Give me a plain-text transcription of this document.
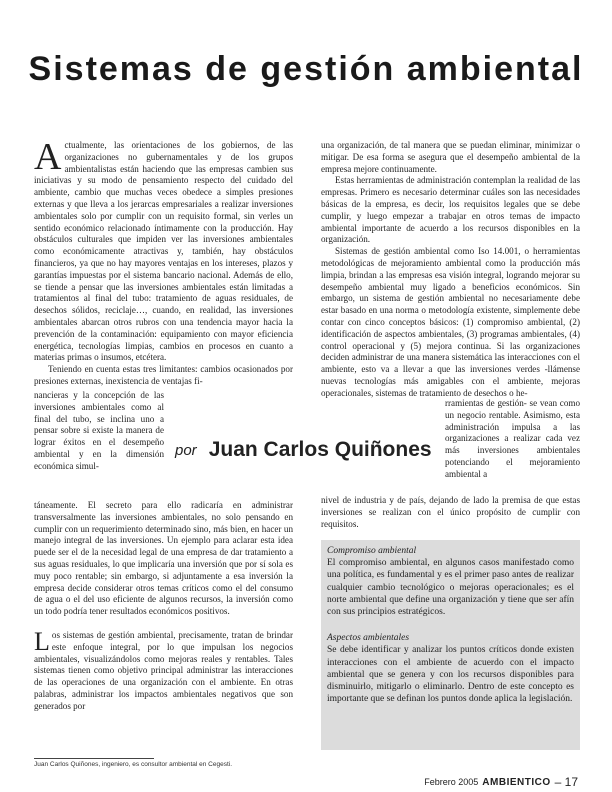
Sistemas de gestión ambiental

Actualmente, las orientaciones de los gobiernos, de las organizaciones no gubernamentales y de los grupos ambientalistas están haciendo que las empresas cambien sus iniciativas y su modo de pensamiento respecto del cuidado del ambiente, cambio que muchas veces obedece a simples presiones externas y que lleva a los jerarcas empresariales a realizar inversiones ambientales solo por cumplir con un requisito formal, sin verles un sentido económico relacionado íntimamente con la producción. Hay obstáculos culturales que impiden ver las inversiones ambientales como económicamente atractivas y, también, hay obstáculos financieros, ya que no hay mayores ventajas en los intereses, plazos y garantías impuestas por el sistema bancario nacional. Además de ello, se tiende a pensar que las inversiones ambientales están limitadas a tratamientos al final del tubo: tratamiento de aguas residuales, de desechos sólidos, reciclaje…, cuando, en realidad, las inversiones ambientales abarcan otros rubros con una tendencia mayor hacia la prevención de la contaminación: equipamiento con mayor eficiencia energética, tecnologías limpias, cambios en procesos en cuanto a materias primas o insumos, etcétera.

Teniendo en cuenta estas tres limitantes: cambios ocasionados por presiones externas, inexistencia de ventajas fi-

nancieras y la concepción de las inversiones ambientales como al final del tubo, se inclina uno a pensar sobre si existe la manera de lograr éxitos en el desempeño ambiental y en la dimensión económica simul-

táneamente. El secreto para ello radicaría en administrar transversalmente las inversiones ambientales, no solo pensando en cumplir con un requerimiento determinado sino, más bien, en hacer un manejo integral de las inversiones. Un ejemplo para aclarar esta idea puede ser el de la necesidad legal de una empresa de dar tratamiento a sus aguas residuales, lo que implicaría una inversión que por sí sola es muy poco rentable; sin embargo, si adjuntamente a esa inversión la empresa decide considerar otros temas críticos como el del consumo de agua o el del uso eficiente de algunos recursos, la inversión como un todo podría tener resultados económicos positivos.

Los sistemas de gestión ambiental, precisamente, tratan de brindar este enfoque integral, por lo que impulsan los negocios ambientales, visualizándolos como mejoras reales y rentables. Tales sistemas tienen como objetivo principal administrar las interacciones de las operaciones de una organización con el ambiente. En otras palabras, administrar los impactos ambientales negativos que son generados por

una organización, de tal manera que se puedan eliminar, minimizar o mitigar. De esa forma se asegura que el desempeño ambiental de la empresa mejore continuamente.

Estas herramientas de administración contemplan la realidad de las empresas. Primero es necesario determinar cuáles son las necesidades básicas de la empresa, es decir, los requisitos legales que se debe cumplir, y luego empezar a trabajar en otros temas de impacto ambiental importante de acuerdo a los recursos disponibles en la organización.

Sistemas de gestión ambiental como Iso 14.001, o herramientas metodológicas de mejoramiento ambiental como la producción más limpia, brindan a las empresas esa visión integral, logrando mejorar su desempeño ambiental muy ligado a beneficios económicos. Sin embargo, un sistema de gestión ambiental no necesariamente debe estar basado en una norma o metodología existente, simplemente debe contar con cinco conceptos básicos: (1) compromiso ambiental, (2) identificación de aspectos ambientales, (3) programas ambientales, (4) control operacional y (5) mejora continua. Si las organizaciones deciden administrar de una manera sistemática las interacciones con el ambiente, esto va a llevar a que las inversiones verdes -llámense nuevas tecnologías más amigables con el ambiente, mejoras operacionales, sistemas de tratamiento de desechos o he-

por Juan Carlos Quiñones
rramientas de gestión- se vean como un negocio rentable. Asimismo, esta administración impulsa a las organizaciones a realizar cada vez más inversiones ambientales potenciando el mejoramiento ambiental a

nivel de industria y de país, dejando de lado la premisa de que estas inversiones se realizan con el único propósito de cumplir con requisitos.

Compromiso ambiental

El compromiso ambiental, en algunos casos manifestado como una política, es fundamental y es el primer paso antes de realizar cualquier cambio tecnológico o mejoras operacionales; es el norte ambiental que define una organización y tiene que ser afín con sus principios estratégicos.

Aspectos ambientales

Se debe identificar y analizar los puntos críticos donde existen interacciones con el ambiente de acuerdo con el impacto ambiental que se genera y con los recursos disponibles para disminuirlo, mitigarlo o eliminarlo. Dentro de este concepto es importante que se definan los puntos donde aplica la legislación.

Juan Carlos Quiñones, ingeniero, es consultor ambiental en Cegesti.
Febrero 2005 AMBIENTICO – 17
